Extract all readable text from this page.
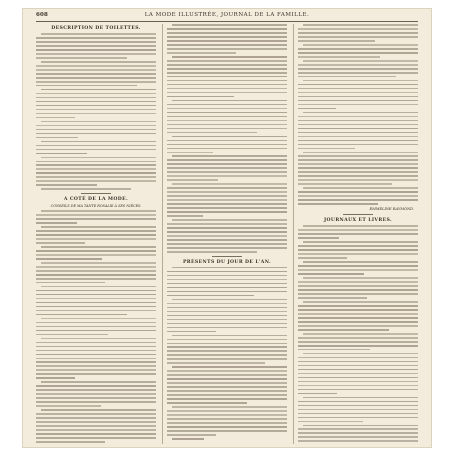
608	LA MODE ILLUSTRÉE, JOURNAL DE LA FAMILLE.
DESCRIPTION DE TOILETTES.
A COTÉ DE LA MODE.
CONSEILS DE MA TANTE ROSALIE À SES NIÈCES.
PRÉSENTS DU JOUR DE L'AN.
EMMELINE RAYMOND.
JOURNAUX ET LIVRES.
